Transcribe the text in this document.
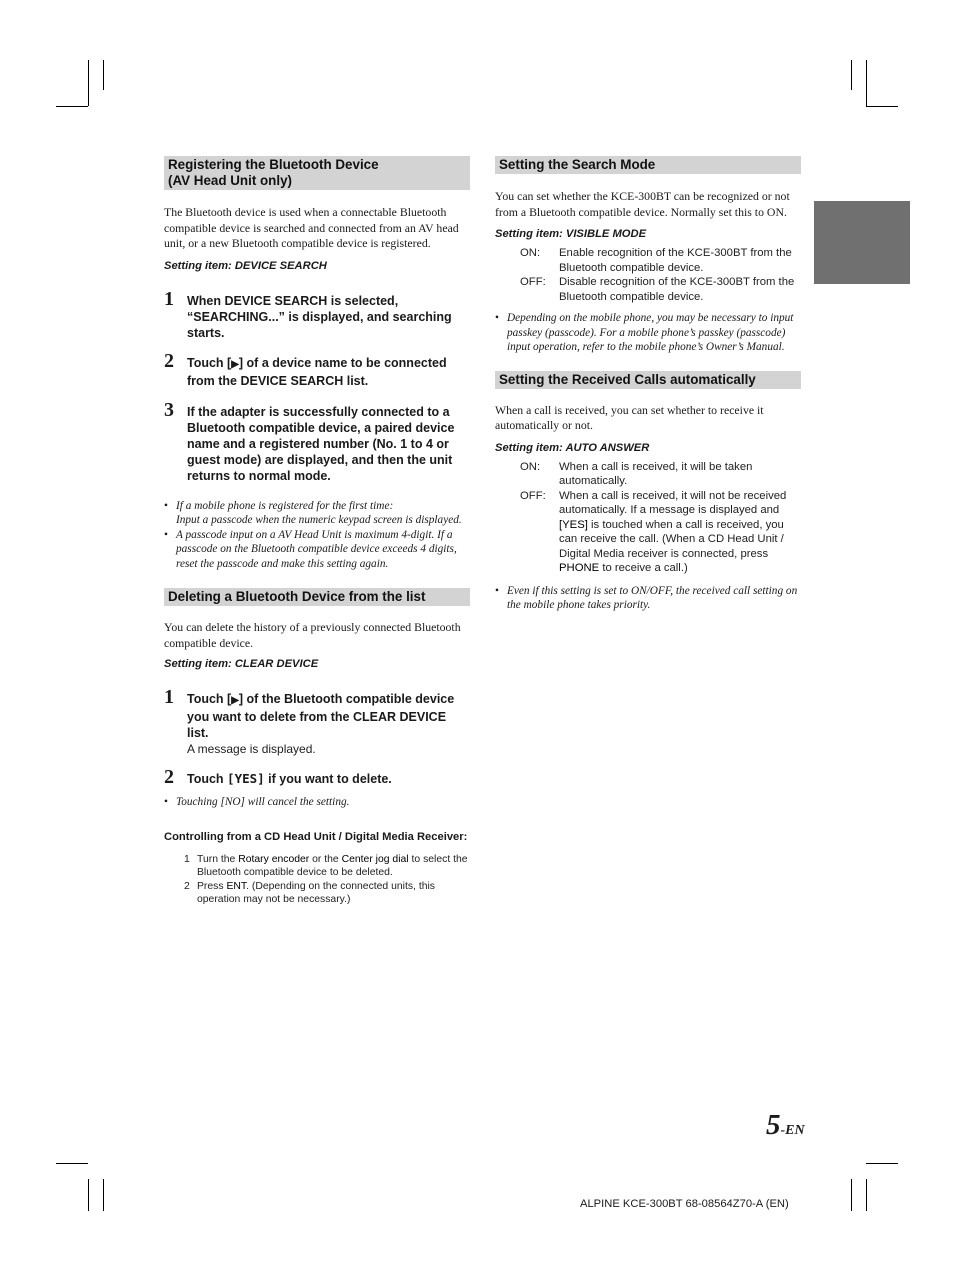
Registering the Bluetooth Device
(AV Head Unit only)
The Bluetooth device is used when a connectable Bluetooth compatible device is searched and connected from an AV head unit, or a new Bluetooth compatible device is registered.
Setting item: DEVICE SEARCH
1 When DEVICE SEARCH is selected, “SEARCHING...” is displayed, and searching starts.
2 Touch [▶] of a device name to be connected from the DEVICE SEARCH list.
3 If the adapter is successfully connected to a Bluetooth compatible device, a paired device name and a registered number (No. 1 to 4 or guest mode) are displayed, and then the unit returns to normal mode.
• If a mobile phone is registered for the first time:
Input a passcode when the numeric keypad screen is displayed.
• A passcode input on a AV Head Unit is maximum 4-digit. If a passcode on the Bluetooth compatible device exceeds 4 digits, reset the passcode and make this setting again.
Deleting a Bluetooth Device from the list
You can delete the history of a previously connected Bluetooth compatible device.
Setting item: CLEAR DEVICE
1 Touch [▶] of the Bluetooth compatible device you want to delete from the CLEAR DEVICE list.
A message is displayed.
2 Touch [YES] if you want to delete.
• Touching [NO] will cancel the setting.
Controlling from a CD Head Unit / Digital Media Receiver:
1 Turn the Rotary encoder or the Center jog dial to select the Bluetooth compatible device to be deleted.
2 Press ENT. (Depending on the connected units, this operation may not be necessary.)
Setting the Search Mode
You can set whether the KCE-300BT can be recognized or not from a Bluetooth compatible device. Normally set this to ON.
Setting item: VISIBLE MODE
ON:	Enable recognition of the KCE-300BT from the Bluetooth compatible device.
OFF:	Disable recognition of the KCE-300BT from the Bluetooth compatible device.
• Depending on the mobile phone, you may be necessary to input passkey (passcode). For a mobile phone’s passkey (passcode) input operation, refer to the mobile phone’s Owner’s Manual.
Setting the Received Calls automatically
When a call is received, you can set whether to receive it automatically or not.
Setting item: AUTO ANSWER
ON:	When a call is received, it will be taken automatically.
OFF:	When a call is received, it will not be received automatically. If a message is displayed and [YES] is touched when a call is received, you can receive the call. (When a CD Head Unit / Digital Media receiver is connected, press PHONE to receive a call.)
• Even if this setting is set to ON/OFF, the received call setting on the mobile phone takes priority.
5-EN
ALPINE KCE-300BT 68-08564Z70-A (EN)
